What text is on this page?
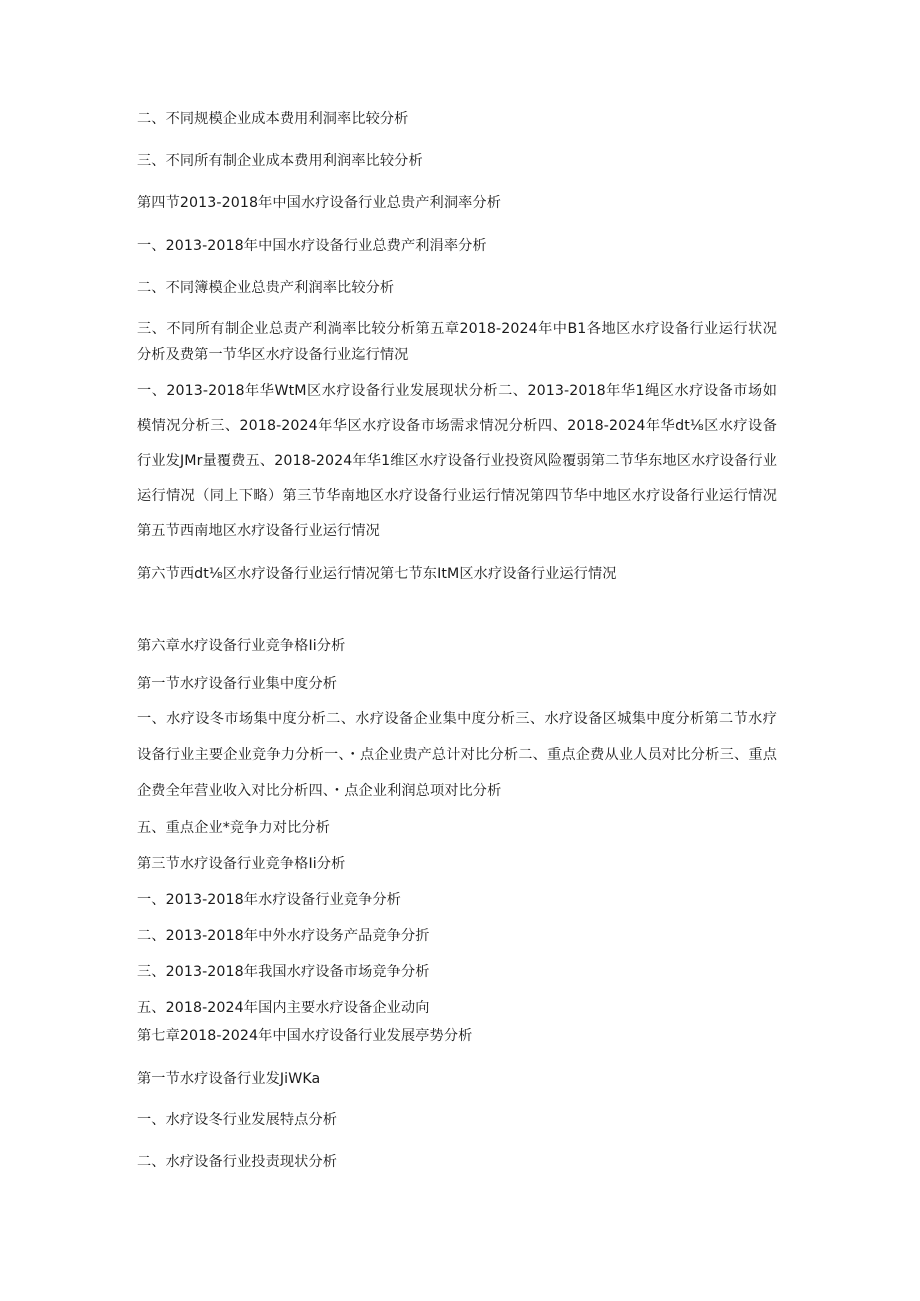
二、不同规模企业成本费用利洞率比较分析
三、不同所有制企业成本费用利润率比较分析
第四节2013-2018年中国水疗设备行业总贵产利洞率分析
一、2013-2018年中国水疗设备行业总费产利涓率分析
二、不同簿模企业总贵产利润率比较分析
三、不同所有制企业总责产利淌率比较分析第五章2018-2024年中B1各地区水疗设备行业运行状况分析及费第一节华区水疗设备行业迄行情况
一、2013-2018年华WtM区水疗设备行业发展现状分析二、2013-2018年华1绳区水疗设备市场如模情况分析三、2018-2024年华区水疗设备市场需求情况分析四、2018-2024年华dt⅛区水疗设备行业发JMr量覆费五、2018-2024年华1维区水疗设备行业投资风险覆弱第二节华东地区水疗设备行业运行情况（同上下略）第三节华南地区水疗设备行业运行情况第四节华中地区水疗设备行业运行情况第五节西南地区水疗设备行业运行情况
第六节西dt⅛区水疗设备行业运行情况第七节东ItM区水疗设备行业运行情况
第六章水疗设备行业竞争格Ii分析
第一节水疗设备行业集中度分析
一、水疗设冬市场集中度分析二、水疗设备企业集中度分析三、水疗设备区城集中度分析第二节水疗设备行业主要企业竞争力分析一、・点企业贵产总计对比分析二、重点企费从业人员对比分析三、重点企费全年营业收入对比分析四、・点企业利润总项对比分析
五、重点企业*竞争力对比分析
第三节水疗设备行业竞争格Ii分析
一、2013-2018年水疗设备行业竞争分析
二、2013-2018年中外水疗设务产品竞争分折
三、2013-2018年我国水疗设备市场竞争分析
五、2018-2024年国内主要水疗设备企业动向
第七章2018-2024年中国水疗设备行业发展亭势分析
第一节水疗设备行业发JiWKa
一、水疗设冬行业发展特点分析
二、水疗设备行业投责现状分析
